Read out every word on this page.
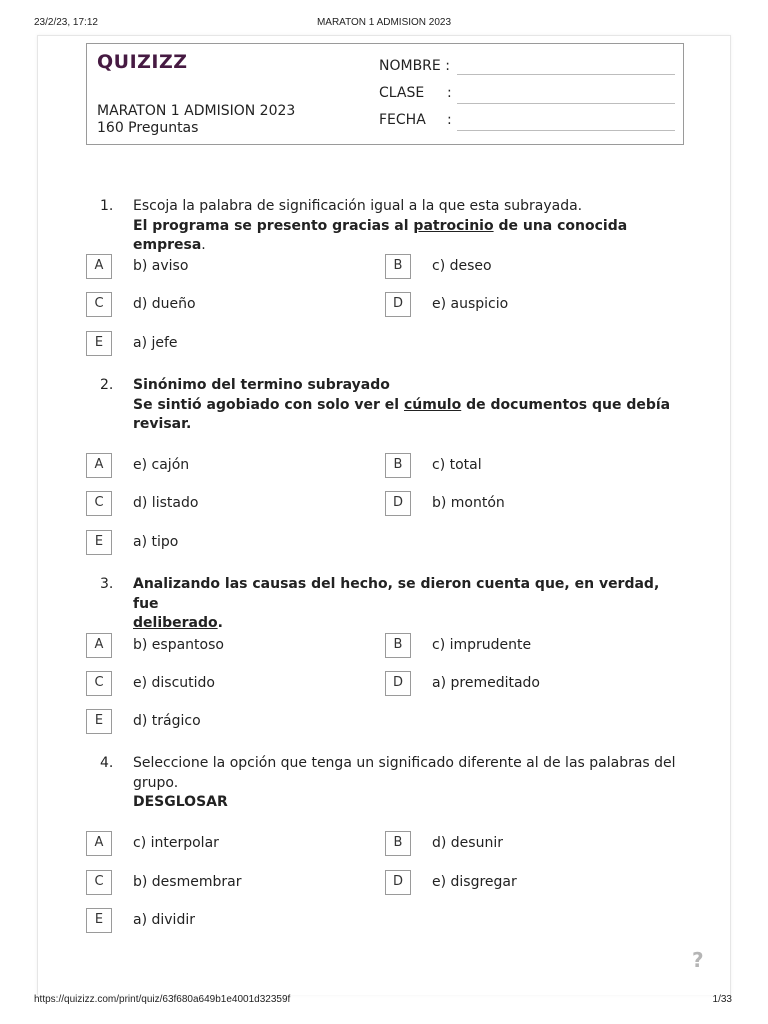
23/2/23, 17:12	MARATON 1 ADMISION 2023
QUIZIZZ
MARATON 1 ADMISION 2023
160 Preguntas
NOMBRE :
CLASE :
FECHA :
1. Escoja la palabra de significación igual a la que esta subrayada.
El programa se presento gracias al patrocinio de una conocida empresa.
A	b) aviso	B	c) deseo
C	d) dueño	D	e) auspicio
E	a) jefe
2. Sinónimo del termino subrayado
Se sintió agobiado con solo ver el cúmulo de documentos que debía
revisar.
A	e) cajón	B	c) total
C	d) listado	D	b) montón
E	a) tipo
3. Analizando las causas del hecho, se dieron cuenta que, en verdad, fue
deliberado.
A	b) espantoso	B	c) imprudente
C	e) discutido	D	a) premeditado
E	d) trágico
4. Seleccione la opción que tenga un significado diferente al de las palabras del
grupo.
DESGLOSAR
A	c) interpolar	B	d) desunir
C	b) desmembrar	D	e) disgregar
E	a) dividir
?
https://quizizz.com/print/quiz/63f680a649b1e4001d32359f	1/33
